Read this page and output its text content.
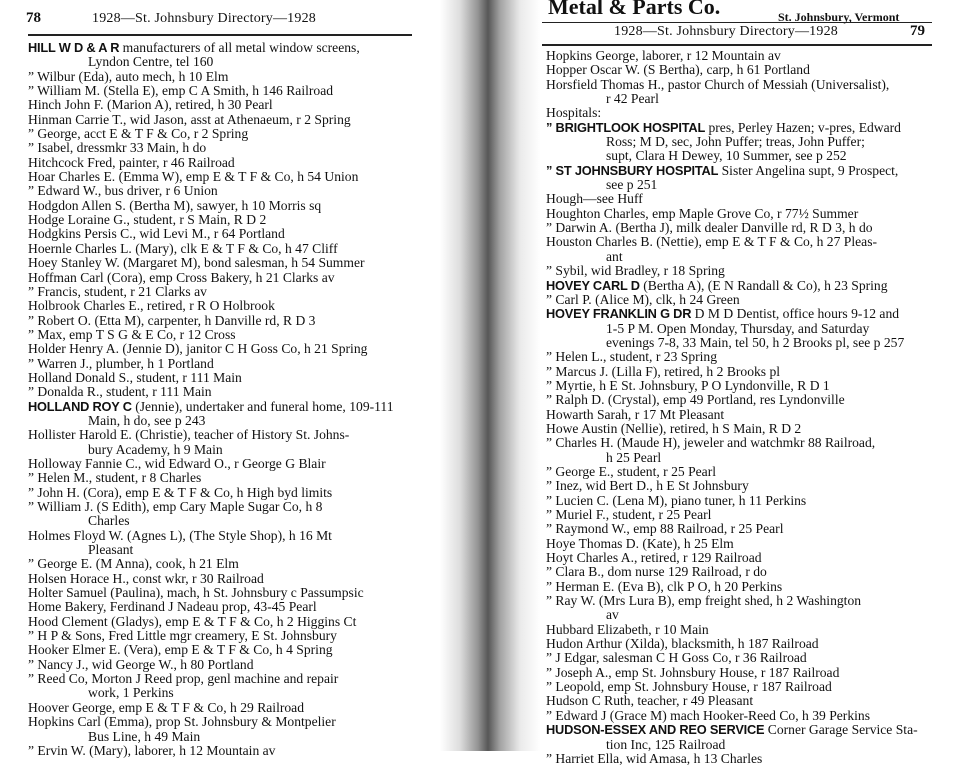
78	1928—St. Johnsbury Directory—1928
HILL W D & A R manufacturers of all metal window screens,
Lyndon Centre, tel 160
” Wilbur (Eda), auto mech, h 10 Elm
” William M. (Stella E), emp C A Smith, h 146 Railroad
Hinch John F. (Marion A), retired, h 30 Pearl
Hinman Carrie T., wid Jason, asst at Athenaeum, r 2 Spring
” George, acct E & T F & Co, r 2 Spring
” Isabel, dressmkr 33 Main, h do
Hitchcock Fred, painter, r 46 Railroad
Hoar Charles E. (Emma W), emp E & T F & Co, h 54 Union
” Edward W., bus driver, r 6 Union
Hodgdon Allen S. (Bertha M), sawyer, h 10 Morris sq
Hodge Loraine G., student, r S Main, R D 2
Hodgkins Persis C., wid Levi M., r 64 Portland
Hoernle Charles L. (Mary), clk E & T F & Co, h 47 Cliff
Hoey Stanley W. (Margaret M), bond salesman, h 54 Summer
Hoffman Carl (Cora), emp Cross Bakery, h 21 Clarks av
” Francis, student, r 21 Clarks av
Holbrook Charles E., retired, r R O Holbrook
” Robert O. (Etta M), carpenter, h Danville rd, R D 3
” Max, emp T S G & E Co, r 12 Cross
Holder Henry A. (Jennie D), janitor C H Goss Co, h 21 Spring
” Warren J., plumber, h 1 Portland
Holland Donald S., student, r 111 Main
” Donalda R., student, r 111 Main
HOLLAND ROY C (Jennie), undertaker and funeral home, 109-111
Main, h do, see p 243
Hollister Harold E. (Christie), teacher of History St. Johns-
bury Academy, h 9 Main
Holloway Fannie C., wid Edward O., r George G Blair
” Helen M., student, r 8 Charles
” John H. (Cora), emp E & T F & Co, h High byd limits
” William J. (S Edith), emp Cary Maple Sugar Co, h 8
Charles
Holmes Floyd W. (Agnes L), (The Style Shop), h 16 Mt
Pleasant
” George E. (M Anna), cook, h 21 Elm
Holsen Horace H., const wkr, r 30 Railroad
Holter Samuel (Paulina), mach, h St. Johnsbury c Passumpsic
Home Bakery, Ferdinand J Nadeau prop, 43-45 Pearl
Hood Clement (Gladys), emp E & T F & Co, h 2 Higgins Ct
” H P & Sons, Fred Little mgr creamery, E St. Johnsbury
Hooker Elmer E. (Vera), emp E & T F & Co, h 4 Spring
” Nancy J., wid George W., h 80 Portland
” Reed Co, Morton J Reed prop, genl machine and repair
work, 1 Perkins
Hoover George, emp E & T F & Co, h 29 Railroad
Hopkins Carl (Emma), prop St. Johnsbury & Montpelier
Bus Line, h 49 Main
” Ervin W. (Mary), laborer, h 12 Mountain av
Metal & Parts Co.	St. Johnsbury, Vermont
1928—St. Johnsbury Directory—1928	79
Hopkins George, laborer, r 12 Mountain av
Hopper Oscar W. (S Bertha), carp, h 61 Portland
Horsfield Thomas H., pastor Church of Messiah (Universalist),
r 42 Pearl
Hospitals:
” BRIGHTLOOK HOSPITAL pres, Perley Hazen; v-pres, Edward
Ross; M D, sec, John Puffer; treas, John Puffer;
supt, Clara H Dewey, 10 Summer, see p 252
” ST JOHNSBURY HOSPITAL Sister Angelina supt, 9 Prospect,
see p 251
Hough—see Huff
Houghton Charles, emp Maple Grove Co, r 77½ Summer
” Darwin A. (Bertha J), milk dealer Danville rd, R D 3, h do
Houston Charles B. (Nettie), emp E & T F & Co, h 27 Pleas-
ant
” Sybil, wid Bradley, r 18 Spring
HOVEY CARL D (Bertha A), (E N Randall & Co), h 23 Spring
” Carl P. (Alice M), clk, h 24 Green
HOVEY FRANKLIN G DR D M D Dentist, office hours 9-12 and
1-5 P M. Open Monday, Thursday, and Saturday
evenings 7-8, 33 Main, tel 50, h 2 Brooks pl, see p 257
” Helen L., student, r 23 Spring
” Marcus J. (Lilla F), retired, h 2 Brooks pl
” Myrtie, h E St. Johnsbury, P O Lyndonville, R D 1
” Ralph D. (Crystal), emp 49 Portland, res Lyndonville
Howarth Sarah, r 17 Mt Pleasant
Howe Austin (Nellie), retired, h S Main, R D 2
” Charles H. (Maude H), jeweler and watchmkr 88 Railroad,
h 25 Pearl
” George E., student, r 25 Pearl
” Inez, wid Bert D., h E St Johnsbury
” Lucien C. (Lena M), piano tuner, h 11 Perkins
” Muriel F., student, r 25 Pearl
” Raymond W., emp 88 Railroad, r 25 Pearl
Hoye Thomas D. (Kate), h 25 Elm
Hoyt Charles A., retired, r 129 Railroad
” Clara B., dom nurse 129 Railroad, r do
” Herman E. (Eva B), clk P O, h 20 Perkins
” Ray W. (Mrs Lura B), emp freight shed, h 2 Washington
av
Hubbard Elizabeth, r 10 Main
Hudon Arthur (Xilda), blacksmith, h 187 Railroad
” J Edgar, salesman C H Goss Co, r 36 Railroad
” Joseph A., emp St. Johnsbury House, r 187 Railroad
” Leopold, emp St. Johnsbury House, r 187 Railroad
Hudson C Ruth, teacher, r 49 Pleasant
” Edward J (Grace M) mach Hooker-Reed Co, h 39 Perkins
HUDSON-ESSEX AND REO SERVICE Corner Garage Service Sta-
tion Inc, 125 Railroad
” Harriet Ella, wid Amasa, h 13 Charles
